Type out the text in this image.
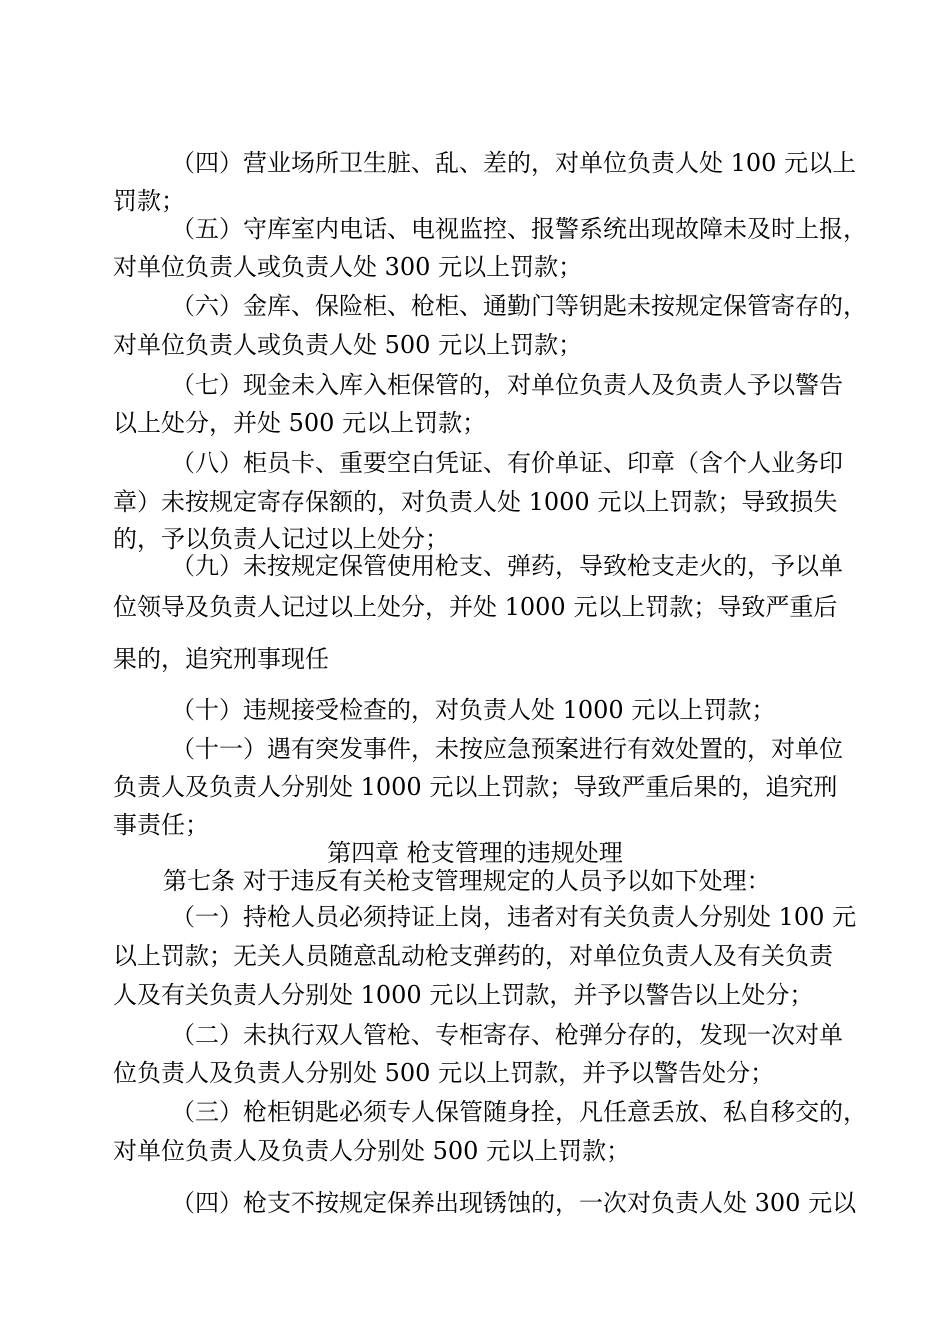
（四）营业场所卫生脏、乱、差的，对单位负责人处 100 元以上
罚款；
（五）守库室内电话、电视监控、报警系统出现故障未及时上报，
对单位负责人或负责人处 300 元以上罚款；
（六）金库、保险柜、枪柜、通勤门等钥匙未按规定保管寄存的，
对单位负责人或负责人处 500 元以上罚款；
（七）现金未入库入柜保管的，对单位负责人及负责人予以警告
以上处分，并处 500 元以上罚款；
（八）柜员卡、重要空白凭证、有价单证、印章（含个人业务印
章）未按规定寄存保额的，对负责人处 1000 元以上罚款；导致损失
的，予以负责人记过以上处分；
（九）未按规定保管使用枪支、弹药，导致枪支走火的，予以单
位领导及负责人记过以上处分，并处 1000 元以上罚款；导致严重后
果的，追究刑事现任
（十）违规接受检查的，对负责人处 1000 元以上罚款；
（十一）遇有突发事件，未按应急预案进行有效处置的，对单位
负责人及负责人分别处 1000 元以上罚款；导致严重后果的，追究刑
事责任；
第四章 枪支管理的违规处理
第七条 对于违反有关枪支管理规定的人员予以如下处理：
（一）持枪人员必须持证上岗，违者对有关负责人分别处 100 元
以上罚款；无关人员随意乱动枪支弹药的，对单位负责人及有关负责
人及有关负责人分别处 1000 元以上罚款，并予以警告以上处分；
（二）未执行双人管枪、专柜寄存、枪弹分存的，发现一次对单
位负责人及负责人分别处 500 元以上罚款，并予以警告处分；
（三）枪柜钥匙必须专人保管随身拴，凡任意丢放、私自移交的，
对单位负责人及负责人分别处 500 元以上罚款；
（四）枪支不按规定保养出现锈蚀的，一次对负责人处 300 元以
